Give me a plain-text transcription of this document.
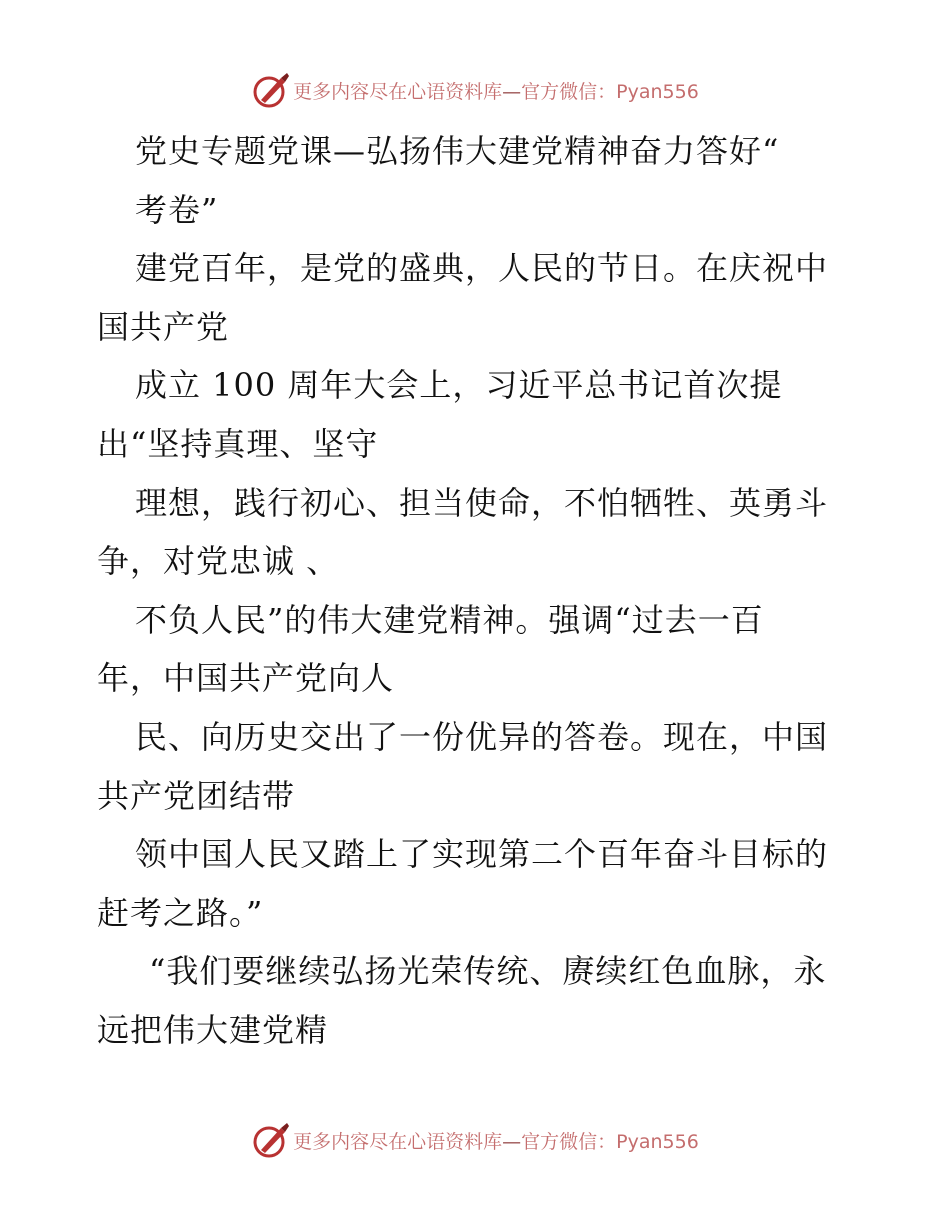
更多内容尽在心语资料库—官方微信：Pyan556
党史专题党课—弘扬伟大建党精神奋力答好“
考卷”
建党百年，是党的盛典，人民的节日。在庆祝中
国共产党
成立 100 周年大会上，习近平总书记首次提
出“坚持真理、坚守
理想，践行初心、担当使命，不怕牺牲、英勇斗
争，对党忠诚 、
不负人民”的伟大建党精神。强调“过去一百
年，中国共产党向人
民、向历史交出了一份优异的答卷。现在，中国
共产党团结带
领中国人民又踏上了实现第二个百年奋斗目标的
赶考之路。”
“我们要继续弘扬光荣传统、赓续红色血脉，永
远把伟大建党精
更多内容尽在心语资料库—官方微信：Pyan556
